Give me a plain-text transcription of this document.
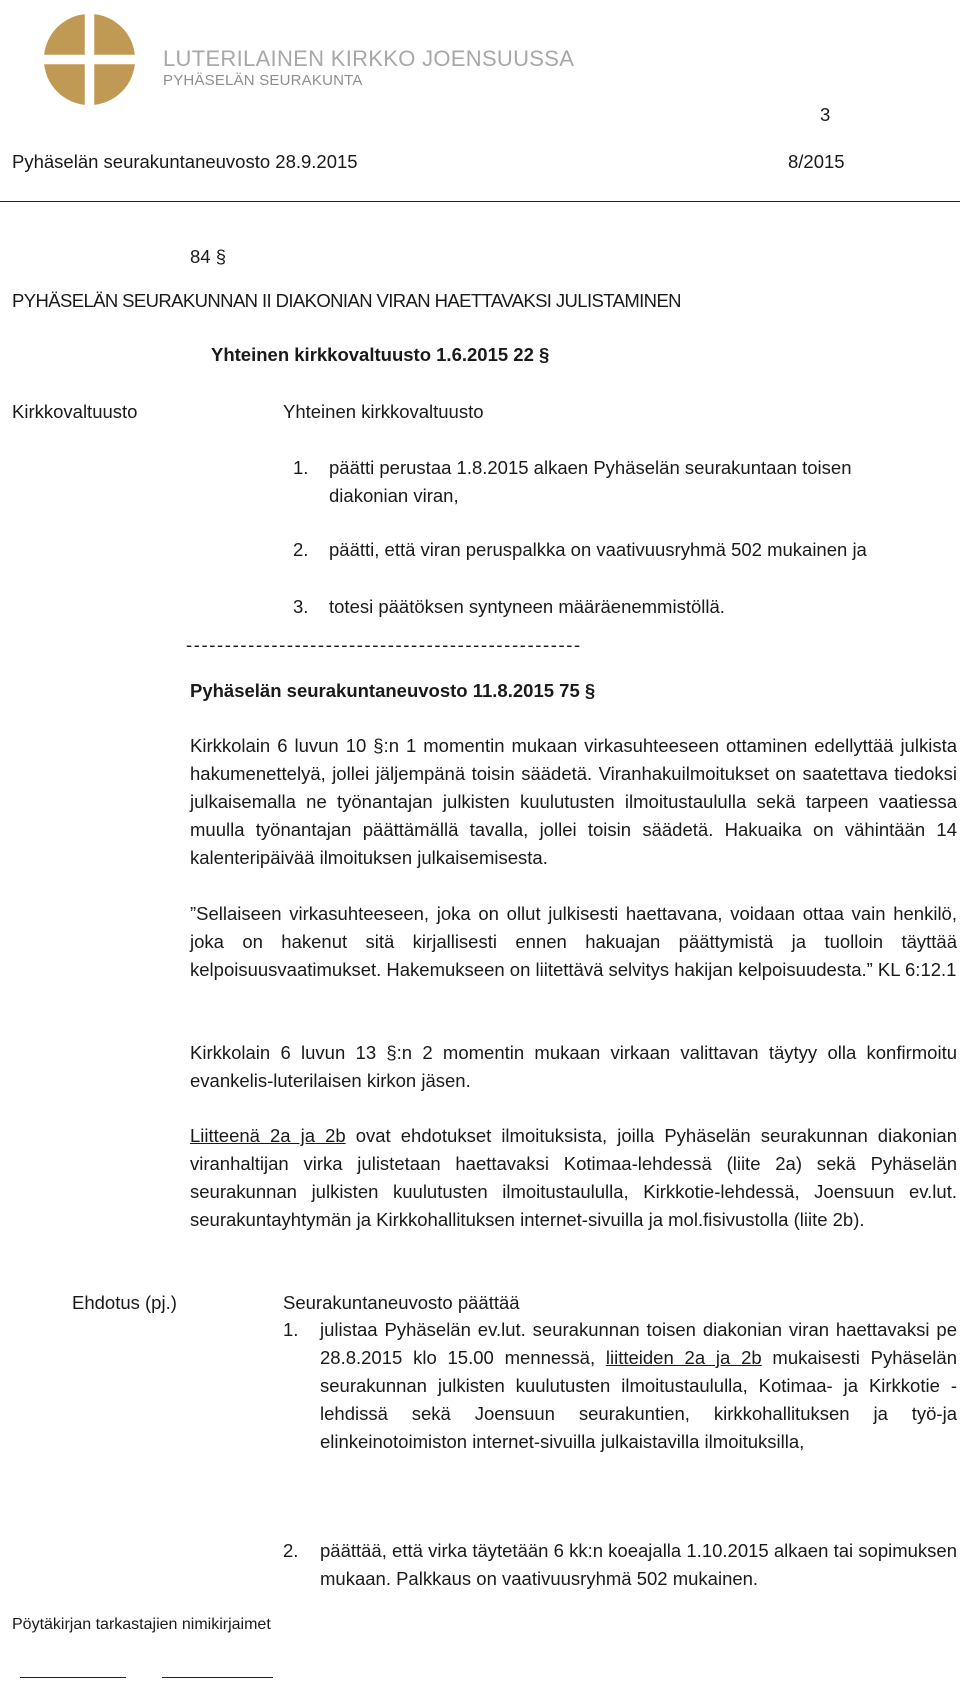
LUTERILAINEN KIRKKO JOENSUUSSA
PYHÄSELÄN SEURAKUNTA
3
Pyhäselän seurakuntaneuvosto 28.9.2015	8/2015
84 §
PYHÄSELÄN SEURAKUNNAN II DIAKONIAN VIRAN HAETTAVAKSI JULISTAMINEN
Yhteinen kirkkovaltuusto 1.6.2015 22 §
Kirkkovaltuusto	Yhteinen kirkkovaltuusto
1. päätti perustaa 1.8.2015 alkaen Pyhäselän seurakuntaan toisen diakonian viran,
2. päätti, että viran peruspalkka on vaativuusryhmä 502 mukainen ja
3. totesi päätöksen syntyneen määräenemmistöllä.
---------------------------------------------------
Pyhäselän seurakuntaneuvosto 11.8.2015 75 §

Kirkkolain 6 luvun 10 §:n 1 momentin mukaan virkasuhteeseen ottaminen edellyttää julkista hakumenettelyä, jollei jäljempänä toisin säädetä. Viranhakuilmoitukset on saatettava tiedoksi julkaisemalla ne työnantajan julkisten kuulutusten ilmoitustaululla sekä tarpeen vaatiessa muulla työnantajan päättämällä tavalla, jollei toisin säädetä. Hakuaika on vähintään 14 kalenteripäivää ilmoituksen julkaisemisesta.

”Sellaiseen virkasuhteeseen, joka on ollut julkisesti haettavana, voidaan ottaa vain henkilö, joka on hakenut sitä kirjallisesti ennen hakuajan päättymistä ja tuolloin täyttää kelpoisuusvaatimukset. Hakemukseen on liitettävä selvitys hakijan kelpoisuudesta.” KL 6:12.1

Kirkkolain 6 luvun 13 §:n 2 momentin mukaan virkaan valittavan täytyy olla konfirmoitu evankelis-luterilaisen kirkon jäsen.

Liitteenä 2a ja 2b ovat ehdotukset ilmoituksista, joilla Pyhäselän seurakunnan diakonian viranhaltijan virka julistetaan haettavaksi Kotimaa-lehdessä (liite 2a) sekä Pyhäselän seurakunnan julkisten kuulutusten ilmoitustaululla, Kirkkotie-lehdessä, Joensuun ev.lut. seurakuntayhtymän ja Kirkkohallituksen internet-sivuilla ja mol.fisivustolla (liite 2b).

Ehdotus (pj.)	Seurakuntaneuvosto päättää
1. julistaa Pyhäselän ev.lut. seurakunnan toisen diakonian viran haettavaksi pe 28.8.2015 klo 15.00 mennessä, liitteiden 2a ja 2b mukaisesti Pyhäselän seurakunnan julkisten kuulutusten ilmoitustaululla, Kotimaa- ja Kirkkotie -lehdissä sekä Joensuun seurakuntien, kirkkohallituksen ja työ-ja elinkeinotoimiston internet-sivuilla julkaistavilla ilmoituksilla,

2. päättää, että virka täytetään 6 kk:n koeajalla 1.10.2015 alkaen tai sopimuksen mukaan. Palkkaus on vaativuusryhmä 502 mukainen.

Pöytäkirjan tarkastajien nimikirjaimet
